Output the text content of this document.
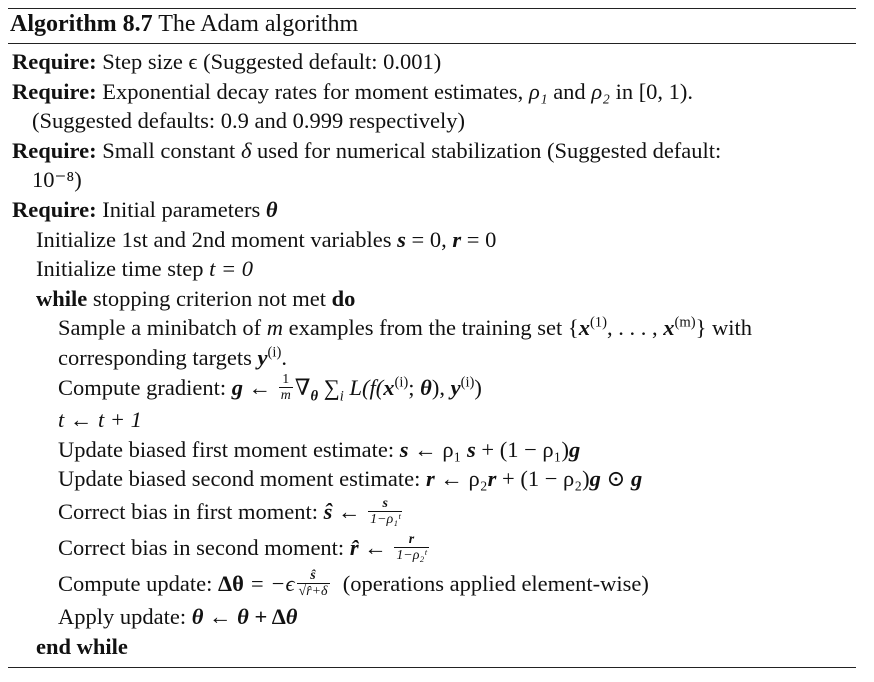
Algorithm 8.7 The Adam algorithm
Require: Step size ϵ (Suggested default: 0.001)
Require: Exponential decay rates for moment estimates, ρ₁ and ρ₂ in [0, 1).
(Suggested defaults: 0.9 and 0.999 respectively)
Require: Small constant δ used for numerical stabilization (Suggested default:
10⁻⁸)
Require: Initial parameters θ
Initialize 1st and 2nd moment variables s = 0, r = 0
Initialize time step t = 0
while stopping criterion not met do
Sample a minibatch of m examples from the training set {$x^{(1)}$, . . . , $x^{(m)}$} with
corresponding targets $y^{(i)}$.
Compute gradient: g ← $\frac{1}{m} \nabla_\theta$ $\sum_i$ $L(f(x^{(i)}$; θ), $y^{(i)}$)
t ← t + 1
Update biased first moment estimate: s ← ρ₁ s + (1 − ρ₁)g
Update biased second moment estimate: r ← ρ₂r + (1 − ρ₂)g ⊙ g
Correct bias in first moment: ŝ ← $\frac{s}{\text{1−ρ₁ᵗ}}$
Correct bias in second moment: r̂ ← $\frac{r}{\text{1−ρ₂ᵗ}}$
Compute update: $\Delta\theta = -\epsilon \frac{ŝ}{√r̂+\delta}$ (operations applied element-wise)
Apply update: θ ← θ + Δθ
end while
